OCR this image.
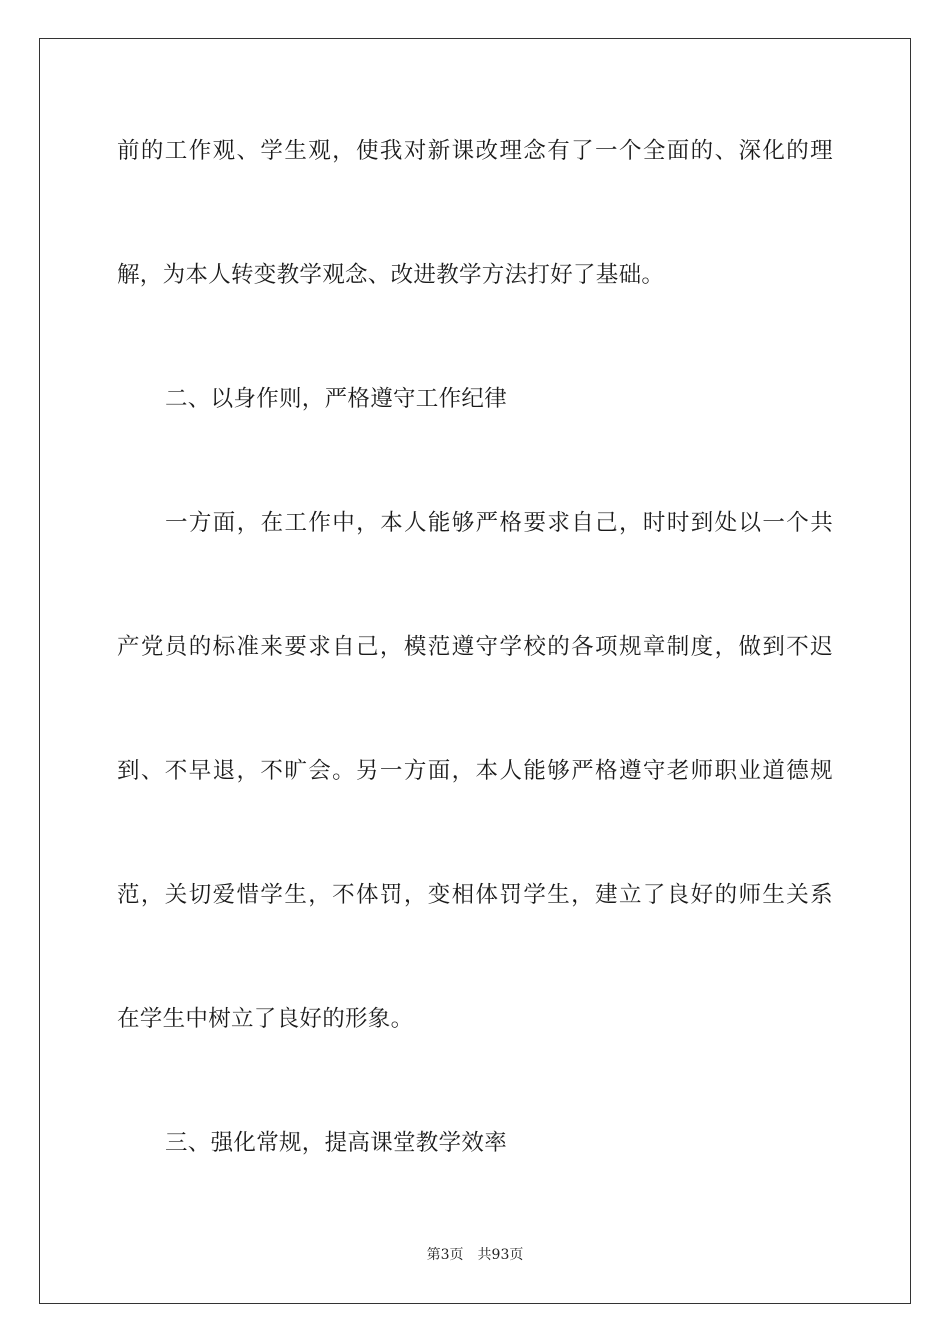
前的工作观、学生观，使我对新课改理念有了一个全面的、深化的理
解，为本人转变教学观念、改进教学方法打好了基础。
二、以身作则，严格遵守工作纪律
一方面，在工作中，本人能够严格要求自己，时时到处以一个共
产党员的标准来要求自己，模范遵守学校的各项规章制度，做到不迟
到、不早退，不旷会。另一方面，本人能够严格遵守老师职业道德规
范，关切爱惜学生，不体罚，变相体罚学生，建立了良好的师生关系
在学生中树立了良好的形象。
三、强化常规，提高课堂教学效率
第3页 共93页
